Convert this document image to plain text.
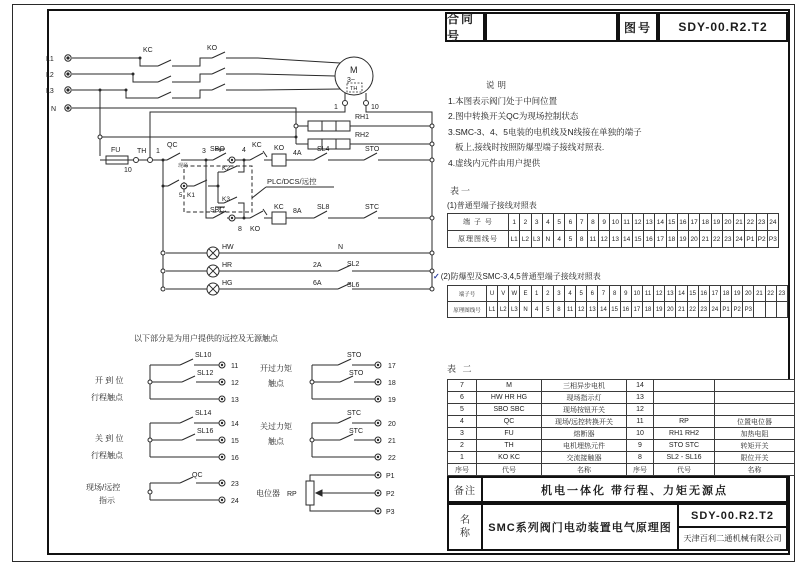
合同号
图号 SDY-00.R2.T2
L1
L2
L3
N
KC	KO
M
3~
TH
1	10
RH1
RH2
FU
10
TH 1
QC
现场
3 SBO 4
KC KO
4A
SL4	STO
5 K1
K2
K3
PLC/DCS/远控
SBC
8 KO
KC
8A
SL8	STC
HW
HR
HG
N
2A	SL2
6A	SL6
以下部分是为用户提供的远控及无源触点
开 到 位
行程触点
SL10
11
SL12
12
13
关 到 位
行程触点
SL14
14
SL16
15
16
QC
现场/远控
指示
23
24
开过力矩
触点
STO
17
STO
18
19
关过力矩
触点
STC
20
STC
21
22
电位器 RP
P1
P2
P3
说明
1.本图表示阀门处于中间位置
2.图中转换开关QC为现场控制状态
3.SMC-3、4、5电装的电机线及N线接在单独的端子
板上,接线时按照防爆型端子接线对照表.
4.虚线内元件由用户提供
表一
(1)普通型端子接线对照表
端 子 号	1	2	3	4	5	6	7	8	9	10	11	12	13	14	15	16	17	18	19	20	21	22	23	24
原理图线号	L1	L2	L3	N	4	5	8	11	12	13	14	15	16	17	18	19	20	21	22	23	24	P1	P2	P3
✓(2)防爆型及SMC-3,4,5普通型端子接线对照表
端子号	U	V	W	E	1	2	3	4	5	6	7	8	9	10	11	12	13	14	15	16	17	18	19	20	21	22	23
原理图线号	L1	L2	L3	N	4	5	8	11	12	13	14	15	16	17	18	19	20	21	22	23	24	P1	P2	P3			
表 二
7	M	三相异步电机	14		
6	HW HR HG	现场指示灯	13		
5	SBO SBC	现场按钮开关	12		
4	QC	现场/远控转换开关	11	RP	位置电位器
3	FU	熔断器	10	RH1 RH2	加热电阻
2	TH	电机埋热元件	9	STO STC	转矩开关
1	KO KC	交流接触器	8	SL2 - SL16	限位开关
序号	代号	名称	序号	代号	名称
备注	机电一体化 带行程、力矩无源点
名
称	SMC系列阀门电动装置电气原理图
SDY-00.R2.T2
天津百利二通机械有限公司
